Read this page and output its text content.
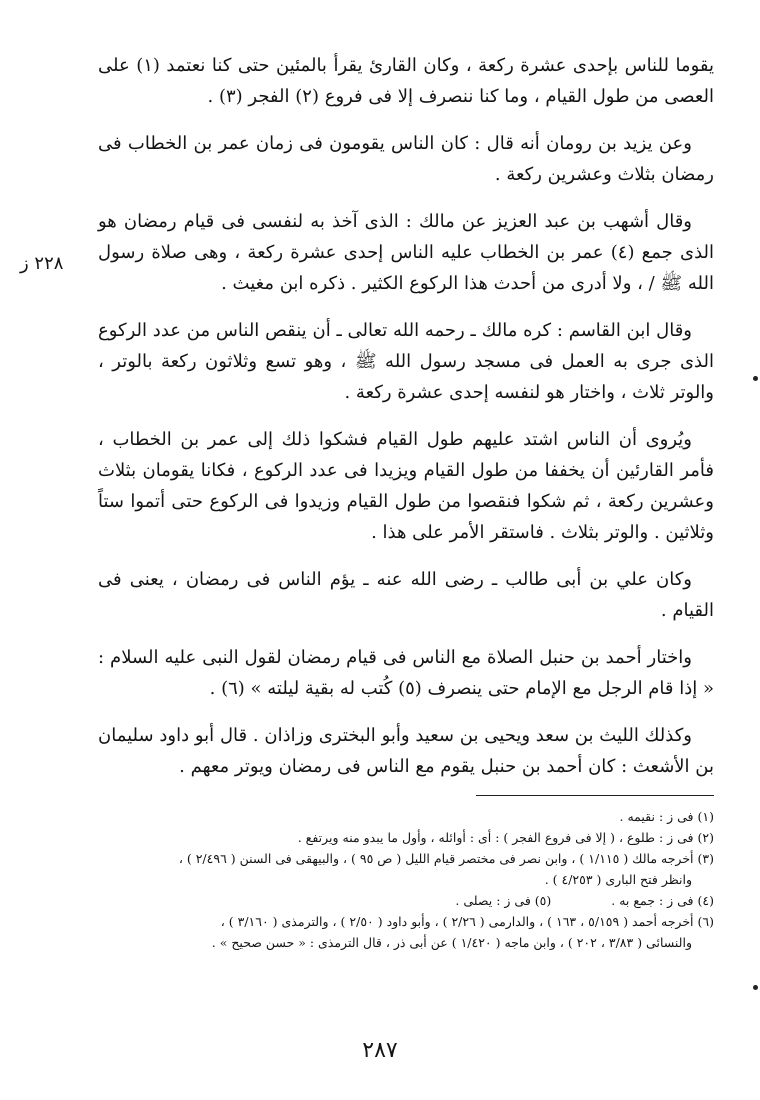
يقوما للناس بإحدى عشرة ركعة ، وكان القارئ يقرأ بالمئين حتى كنا نعتمد (١) على العصى من طول القيام ، وما كنا ننصرف إلا فى فروع (٢) الفجر (٣) .

وعن يزيد بن رومان أنه قال : كان الناس يقومون فى زمان عمر بن الخطاب فى رمضان بثلاث وعشرين ركعة .

وقال أشهب بن عبد العزيز عن مالك : الذى آخذ به لنفسى فى قيام رمضان هو الذى جمع (٤) عمر بن الخطاب عليه الناس إحدى عشرة ركعة ، وهى صلاة رسول الله ﷺ / ، ولا أدرى من أحدث هذا الركوع الكثير . ذكره ابن مغيث .

وقال ابن القاسم : كره مالك ـ رحمه الله تعالى ـ أن ينقص الناس من عدد الركوع الذى جرى به العمل فى مسجد رسول الله ﷺ ، وهو تسع وثلاثون ركعة بالوتر ، والوتر ثلاث ، واختار هو لنفسه إحدى عشرة ركعة .

ويُروى أن الناس اشتد عليهم طول القيام فشكوا ذلك إلى عمر بن الخطاب ، فأمر القارئين أن يخففا من طول القيام ويزيدا فى عدد الركوع ، فكانا يقومان بثلاث وعشرين ركعة ، ثم شكوا فنقصوا من طول القيام وزيدوا فى الركوع حتى أتموا ستاً وثلاثين . والوتر بثلاث . فاستقر الأمر على هذا .

وكان علي بن أبى طالب ـ رضى الله عنه ـ يؤم الناس فى رمضان ، يعنى فى القيام .

واختار أحمد بن حنبل الصلاة مع الناس فى قيام رمضان لقول النبى عليه السلام : « إذا قام الرجل مع الإمام حتى ينصرف (٥) كُتب له بقية ليلته » (٦) .

وكذلك الليث بن سعد ويحيى بن سعيد وأبو البخترى وزاذان . قال أبو داود سليمان بن الأشعث : كان أحمد بن حنبل يقوم مع الناس فى رمضان ويوتر معهم .

٢٢٨ ز

(١) فى ز : نقيمه .

(٢) فى ز : طلوع ، ( إلا فى فروع الفجر ) : أى : أوائله ، وأول ما يبدو منه ويرتفع .

(٣) أخرجه مالك ( ١/١١٥ ) ، وابن نصر فى مختصر قيام الليل ( ص ٩٥ ) ، والبيهقى فى السنن ( ٢/٤٩٦ ) ،

وانظر فتح البارى ( ٤/٢٥٣ ) .

(٤) فى ز : جمع به .
(٥) فى ز : يصلى .

(٦) أخرجه أحمد ( ٥/١٥٩ ، ١٦٣ ) ، والدارمى ( ٢/٢٦ ) ، وأبو داود ( ٢/٥٠ ) ، والترمذى ( ٣/١٦٠ ) ،

والنسائى ( ٣/٨٣ ، ٢٠٢ ) ، وابن ماجه ( ١/٤٢٠ ) عن أبى ذر ، قال الترمذى : « حسن صحيح » .

٢٨٧
